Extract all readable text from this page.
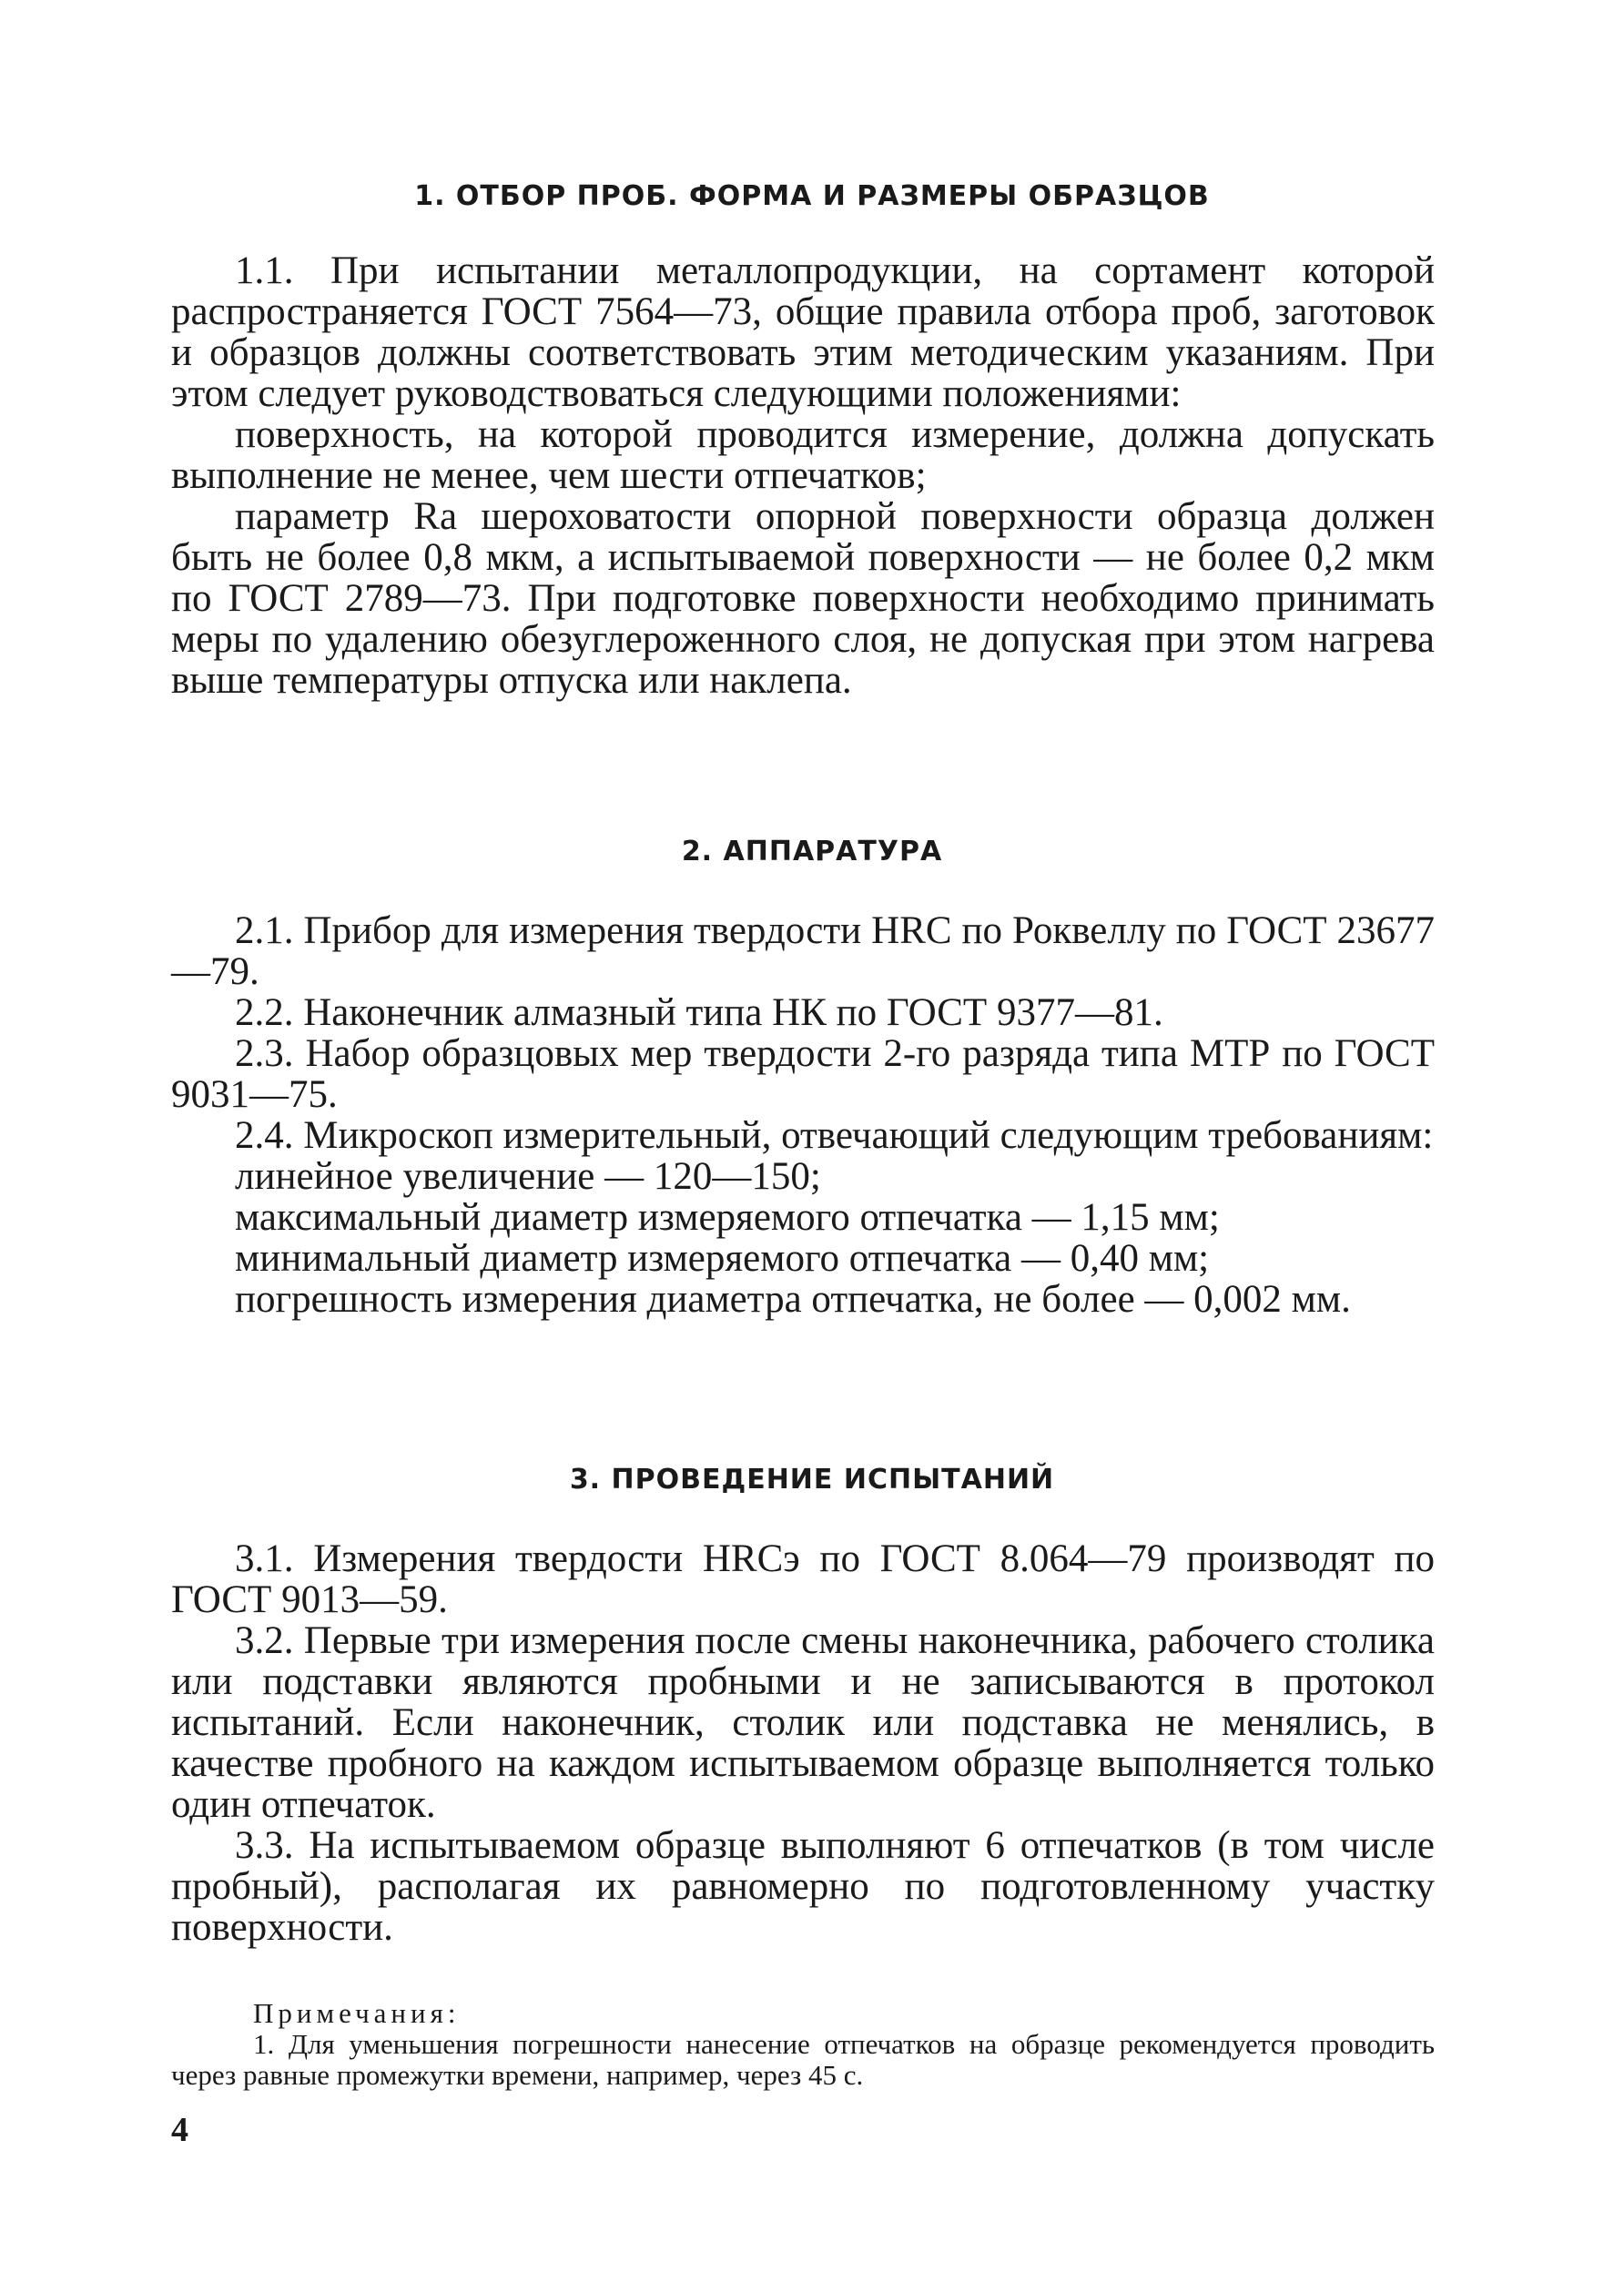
1. ОТБОР ПРОБ. ФОРМА И РАЗМЕРЫ ОБРАЗЦОВ

1.1. При испытании металлопродукции, на сортамент которой распространяется ГОСТ 7564—73, общие правила отбора проб, заготовок и образцов должны соответствовать этим методическим указаниям. При этом следует руководствоваться следующими положениями:

поверхность, на которой проводится измерение, должна допускать выполнение не менее, чем шести отпечатков;

параметр Ra шероховатости опорной поверхности образца должен быть не более 0,8 мкм, а испытываемой поверхности — не более 0,2 мкм по ГОСТ 2789—73. При подготовке поверхности необходимо принимать меры по удалению обезуглероженного слоя, не допуская при этом нагрева выше температуры отпуска или наклепа.

2. АППАРАТУРА

2.1. Прибор для измерения твердости HRC по Роквеллу по ГОСТ 23677—79.

2.2. Наконечник алмазный типа НК по ГОСТ 9377—81.

2.3. Набор образцовых мер твердости 2-го разряда типа МТР по ГОСТ 9031—75.

2.4. Микроскоп измерительный, отвечающий следующим требованиям:

линейное увеличение — 120—150;

максимальный диаметр измеряемого отпечатка — 1,15 мм;

минимальный диаметр измеряемого отпечатка — 0,40 мм;

погрешность измерения диаметра отпечатка, не более — 0,002 мм.

3. ПРОВЕДЕНИЕ ИСПЫТАНИЙ

3.1. Измерения твердости HRCэ по ГОСТ 8.064—79 производят по ГОСТ 9013—59.

3.2. Первые три измерения после смены наконечника, рабочего столика или подставки являются пробными и не записываются в протокол испытаний. Если наконечник, столик или подставка не менялись, в качестве пробного на каждом испытываемом образце выполняется только один отпечаток.

3.3. На испытываемом образце выполняют 6 отпечатков (в том числе пробный), располагая их равномерно по подготовленному участку поверхности.

Примечания:

1. Для уменьшения погрешности нанесение отпечатков на образце рекомендуется проводить через равные промежутки времени, например, через 45 с.

4
